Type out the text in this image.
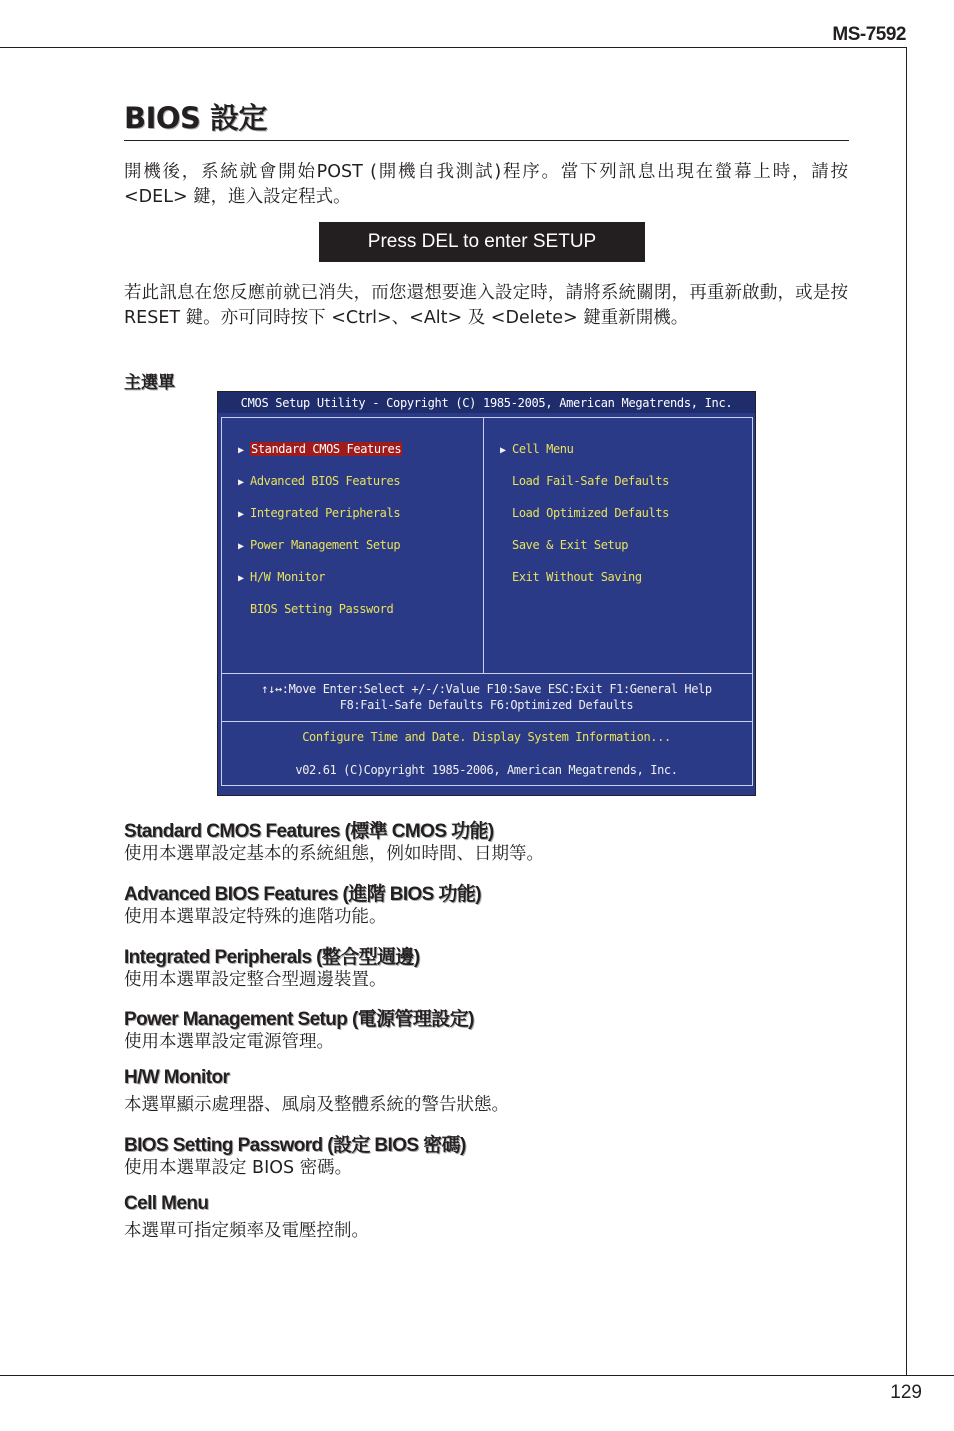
MS-7592
BIOS 設定
開機後，系統就會開始POST (開機自我測試)程序。當下列訊息出現在螢幕上時，請按 <DEL> 鍵，進入設定程式。
Press DEL to enter SETUP
若此訊息在您反應前就已消失，而您還想要進入設定時，請將系統關閉，再重新啟動，或是按 RESET 鍵。亦可同時按下 <Ctrl>、<Alt> 及 <Delete> 鍵重新開機。
主選單
CMOS Setup Utility - Copyright (C) 1985-2005, American Megatrends, Inc.
▶ Standard CMOS Features
▶ Advanced BIOS Features
▶ Integrated Peripherals
▶ Power Management Setup
▶ H/W Monitor
BIOS Setting Password
▶ Cell Menu
Load Fail-Safe Defaults
Load Optimized Defaults
Save & Exit Setup
Exit Without Saving
↑↓↔:Move Enter:Select +/-/:Value F10:Save ESC:Exit F1:General Help
F8:Fail-Safe Defaults F6:Optimized Defaults
Configure Time and Date. Display System Information...
v02.61 (C)Copyright 1985-2006, American Megatrends, Inc.
Standard CMOS Features (標準 CMOS 功能)
使用本選單設定基本的系統組態，例如時間、日期等。
Advanced BIOS Features (進階 BIOS 功能)
使用本選單設定特殊的進階功能。
Integrated Peripherals (整合型週邊)
使用本選單設定整合型週邊裝置。
Power Management Setup (電源管理設定)
使用本選單設定電源管理。
H/W Monitor
本選單顯示處理器、風扇及整體系統的警告狀態。
BIOS Setting Password (設定 BIOS 密碼)
使用本選單設定 BIOS 密碼。
Cell Menu
本選單可指定頻率及電壓控制。
129
